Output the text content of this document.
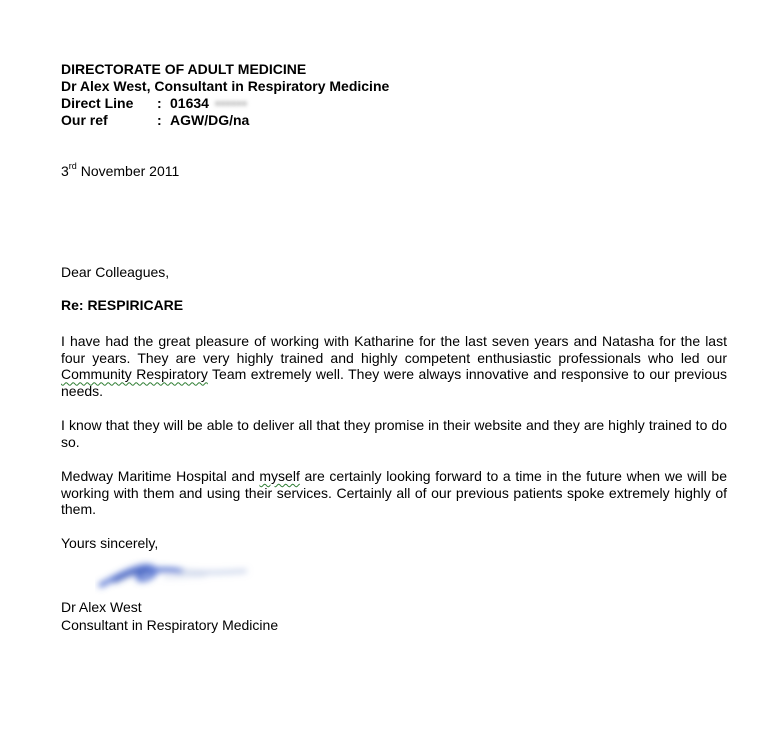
DIRECTORATE OF ADULT MEDICINE
Dr Alex West, Consultant in Respiratory Medicine
Direct Line	: 01634 ••••••
Our ref	: AGW/DG/na
3rd November 2011
Dear Colleagues,
Re: RESPIRICARE
I have had the great pleasure of working with Katharine for the last seven years and Natasha for the last four years. They are very highly trained and highly competent enthusiastic professionals who led our Community Respiratory Team extremely well. They were always innovative and responsive to our previous needs.
I know that they will be able to deliver all that they promise in their website and they are highly trained to do so.
Medway Maritime Hospital and myself are certainly looking forward to a time in the future when we will be working with them and using their services. Certainly all of our previous patients spoke extremely highly of them.
Yours sincerely,
Dr Alex West
Consultant in Respiratory Medicine
